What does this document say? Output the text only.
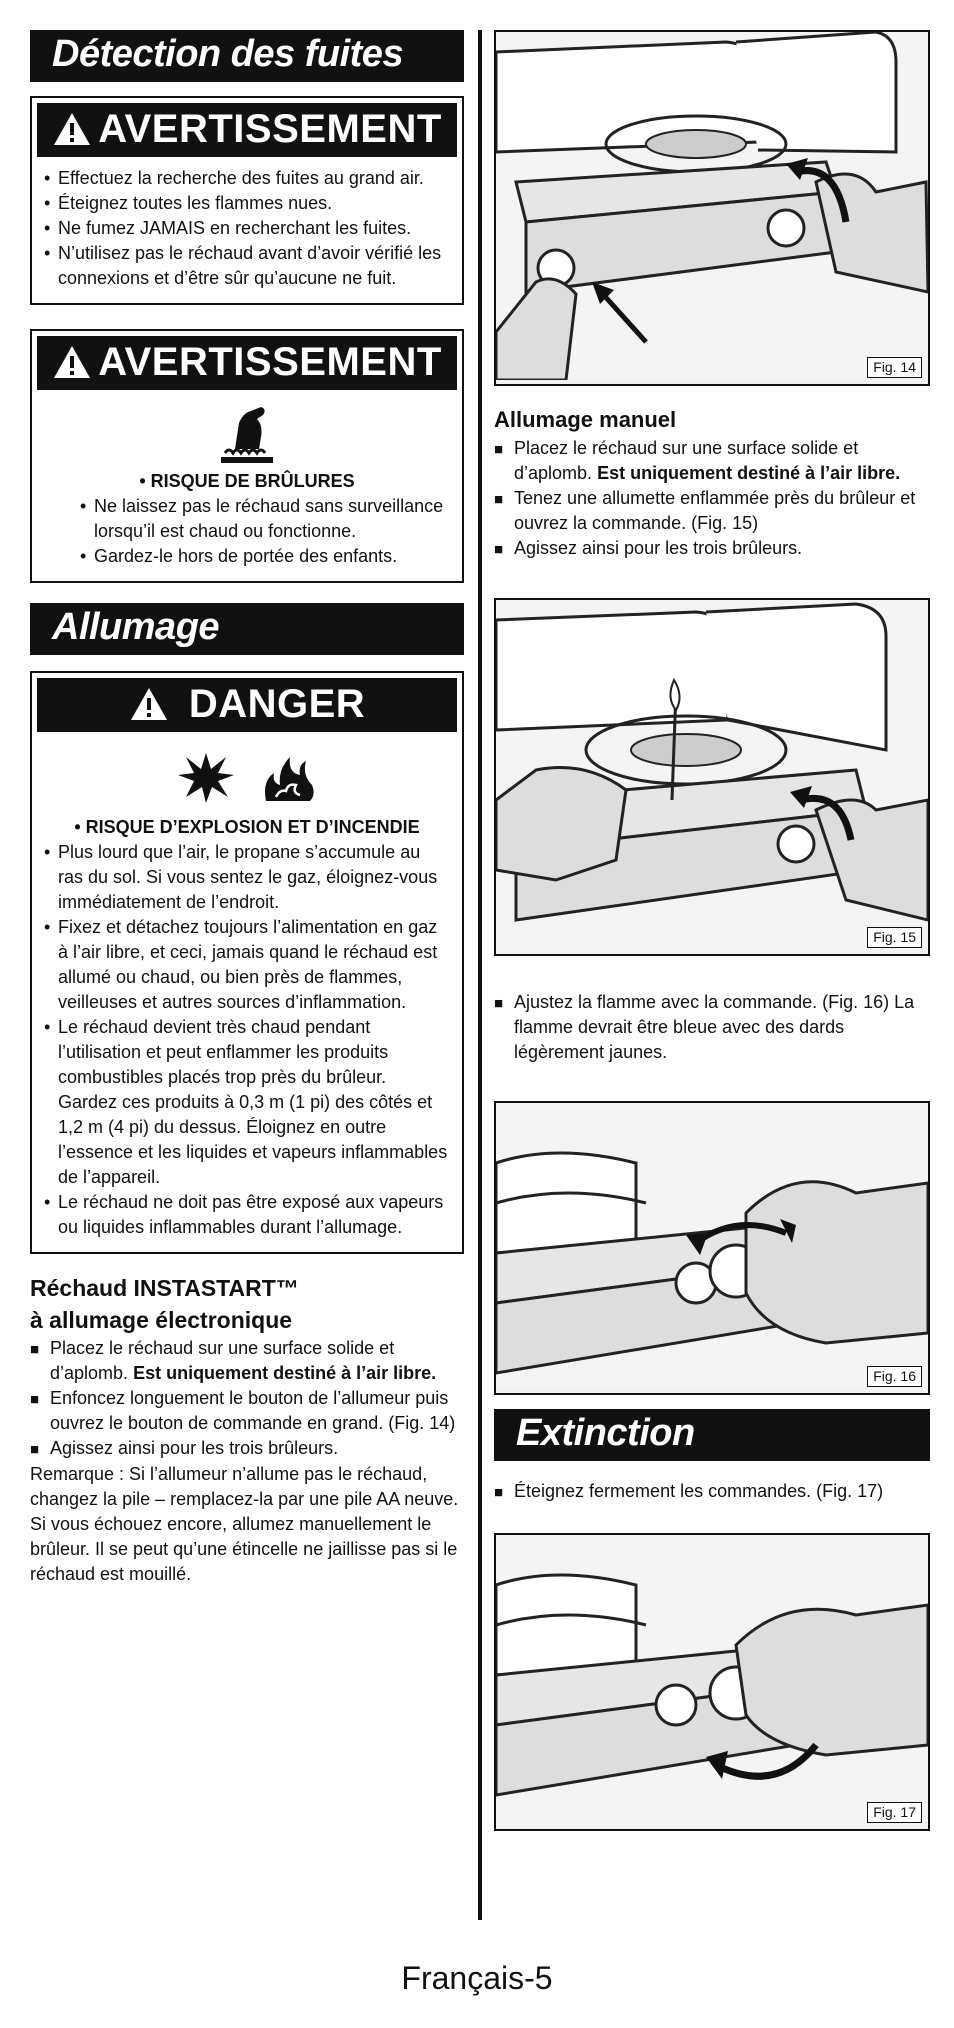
Détection des fuites
AVERTISSEMENT
• Effectuez la recherche des fuites au grand air.
• Éteignez toutes les flammes nues.
• Ne fumez JAMAIS en recherchant les fuites.
• N’utilisez pas le réchaud avant d’avoir vérifié les connexions et d’être sûr qu’aucune ne fuit.
AVERTISSEMENT
• RISQUE DE BRÛLURES
• Ne laissez pas le réchaud sans surveillance lorsqu’il est chaud ou fonctionne.
• Gardez-le hors de portée des enfants.
Allumage
DANGER
• RISQUE D’EXPLOSION ET D’INCENDIE
• Plus lourd que l’air, le propane s’accumule au ras du sol. Si vous sentez le gaz, éloignez-vous immédiatement de l’endroit.
• Fixez et détachez toujours l’alimentation en gaz à l’air libre, et ceci, jamais quand le réchaud est allumé ou chaud, ou bien près de flammes, veilleuses et autres sources d’inflammation.
• Le réchaud devient très chaud pendant l’utilisation et peut enflammer les produits combustibles placés trop près du brûleur. Gardez ces produits à 0,3 m (1 pi) des côtés et 1,2 m (4 pi) du dessus. Éloignez en outre l’essence et les liquides et vapeurs inflammables de l’appareil.
• Le réchaud ne doit pas être exposé aux vapeurs ou liquides inflammables durant l’allumage.
Réchaud INSTASTART™
à allumage électronique
■ Placez le réchaud sur une surface solide et d’aplomb. Est uniquement destiné à l’air libre.
■ Enfoncez longuement le bouton de l’allumeur puis ouvrez le bouton de commande en grand. (Fig. 14)
■ Agissez ainsi pour les trois brûleurs.
Remarque : Si l’allumeur n’allume pas le réchaud, changez la pile – remplacez-la par une pile AA neuve. Si vous échouez encore, allumez manuellement le brûleur. Il se peut qu’une étincelle ne jaillisse pas si le réchaud est mouillé.
Fig. 14
Allumage manuel
■ Placez le réchaud sur une surface solide et d’aplomb. Est uniquement destiné à l’air libre.
■ Tenez une allumette enflammée près du brûleur et ouvrez la commande. (Fig. 15)
■ Agissez ainsi pour les trois brûleurs.
Fig. 15
■ Ajustez la flamme avec la commande. (Fig. 16) La flamme devrait être bleue avec des dards légèrement jaunes.
Fig. 16
Extinction
■ Éteignez fermement les commandes. (Fig. 17)
Fig. 17
Français-5
